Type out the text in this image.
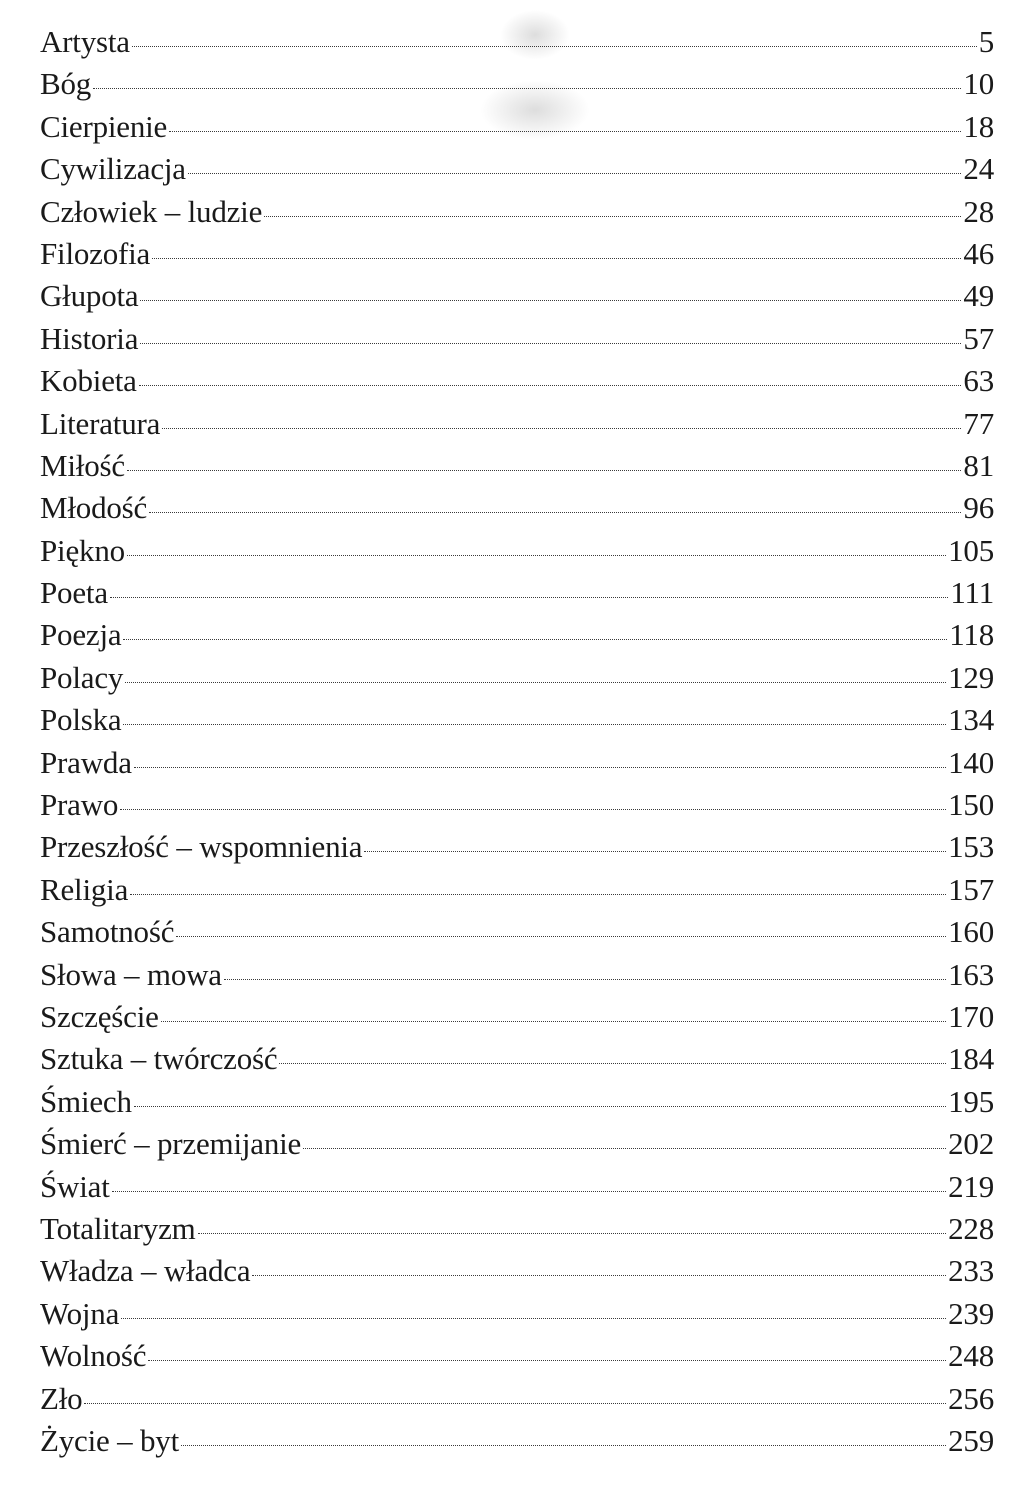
Artysta	5
Bóg	10
Cierpienie	18
Cywilizacja	24
Człowiek – ludzie	28
Filozofia	46
Głupota	49
Historia	57
Kobieta	63
Literatura	77
Miłość	81
Młodość	96
Piękno	105
Poeta	111
Poezja	118
Polacy	129
Polska	134
Prawda	140
Prawo	150
Przeszłość – wspomnienia	153
Religia	157
Samotność	160
Słowa – mowa	163
Szczęście	170
Sztuka – twórczość	184
Śmiech	195
Śmierć – przemijanie	202
Świat	219
Totalitaryzm	228
Władza – władca	233
Wojna	239
Wolność	248
Zło	256
Życie – byt	259
